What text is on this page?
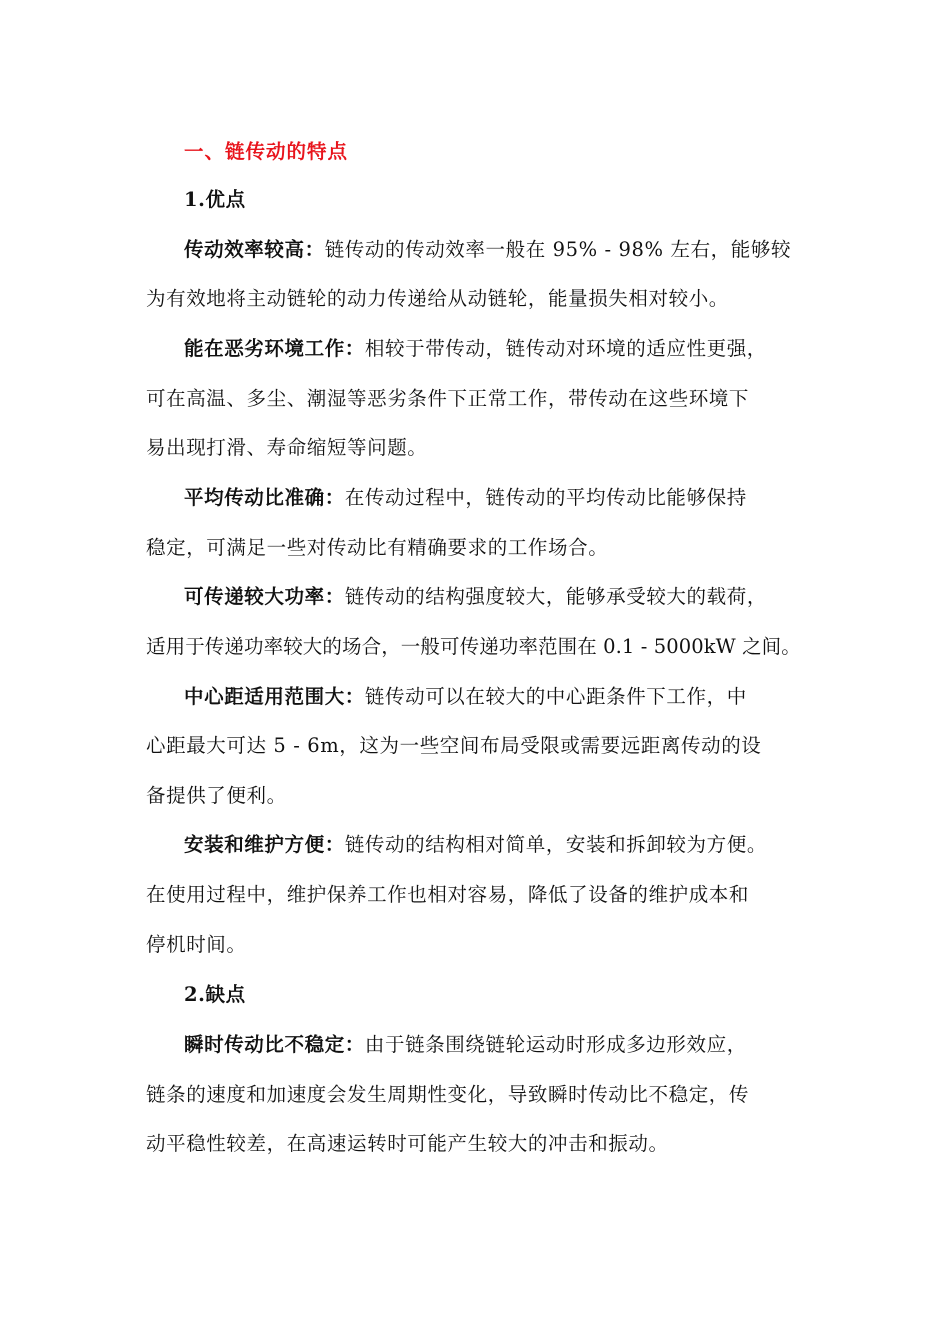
一、链传动的特点
1.优点
传动效率较高：链传动的传动效率一般在 95% - 98% 左右，能够较
为有效地将主动链轮的动力传递给从动链轮，能量损失相对较小。
能在恶劣环境工作：相较于带传动，链传动对环境的适应性更强，
可在高温、多尘、潮湿等恶劣条件下正常工作，带传动在这些环境下
易出现打滑、寿命缩短等问题。
平均传动比准确：在传动过程中，链传动的平均传动比能够保持
稳定，可满足一些对传动比有精确要求的工作场合。
可传递较大功率：链传动的结构强度较大，能够承受较大的载荷，
适用于传递功率较大的场合，一般可传递功率范围在 0.1 - 5000kW 之间。
中心距适用范围大：链传动可以在较大的中心距条件下工作，中
心距最大可达 5 - 6m，这为一些空间布局受限或需要远距离传动的设
备提供了便利。
安装和维护方便：链传动的结构相对简单，安装和拆卸较为方便。
在使用过程中，维护保养工作也相对容易，降低了设备的维护成本和
停机时间。
2.缺点
瞬时传动比不稳定：由于链条围绕链轮运动时形成多边形效应，
链条的速度和加速度会发生周期性变化，导致瞬时传动比不稳定，传
动平稳性较差，在高速运转时可能产生较大的冲击和振动。
